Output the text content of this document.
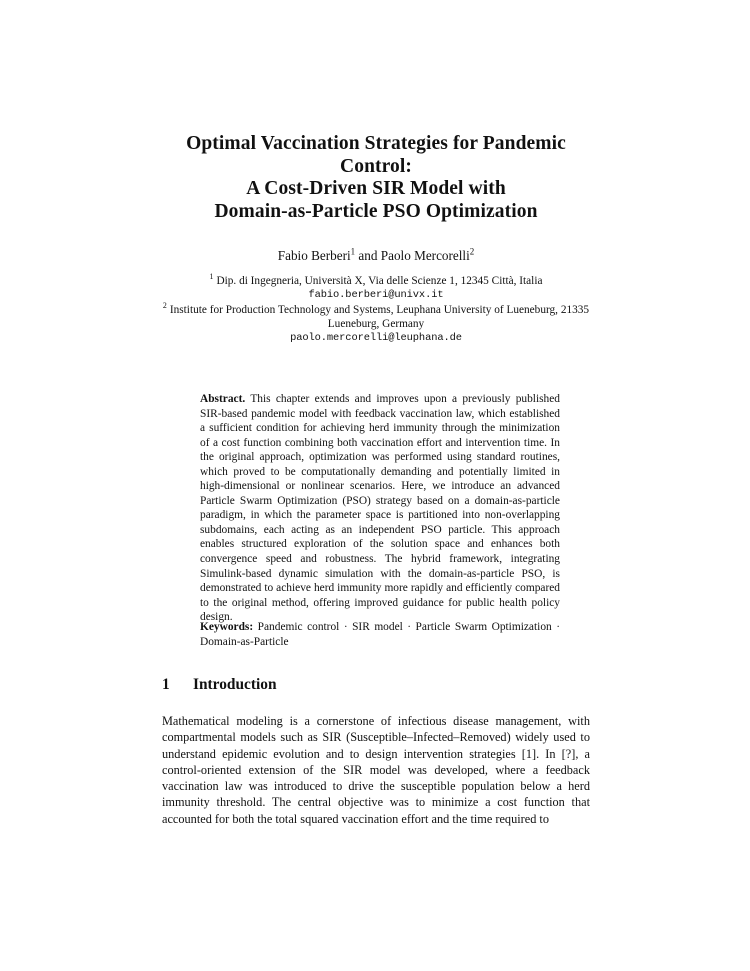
Optimal Vaccination Strategies for Pandemic
Control:
A Cost-Driven SIR Model with
Domain-as-Particle PSO Optimization
Fabio Berberi$^1$ and Paolo Mercorelli$^2$
$^1$ Dip. di Ingegneria, Università X, Via delle Scienze 1, 12345 Città, Italia
fabio.berberi@univx.it
$^2$ Institute for Production Technology and Systems, Leuphana University of Lueneburg, 21335 Lueneburg, Germany
paolo.mercorelli@leuphana.de
Abstract. This chapter extends and improves upon a previously published SIR-based pandemic model with feedback vaccination law, which established a sufficient condition for achieving herd immunity through the minimization of a cost function combining both vaccination effort and intervention time. In the original approach, optimization was performed using standard routines, which proved to be computationally demanding and potentially limited in high-dimensional or nonlinear scenarios. Here, we introduce an advanced Particle Swarm Optimization (PSO) strategy based on a domain-as-particle paradigm, in which the parameter space is partitioned into non-overlapping subdomains, each acting as an independent PSO particle. This approach enables structured exploration of the solution space and enhances both convergence speed and robustness. The hybrid framework, integrating Simulink-based dynamic simulation with the domain-as-particle PSO, is demonstrated to achieve herd immunity more rapidly and efficiently compared to the original method, offering improved guidance for public health policy design.
Keywords: Pandemic control · SIR model · Particle Swarm Optimization · Domain-as-Particle
1 Introduction
Mathematical modeling is a cornerstone of infectious disease management, with compartmental models such as SIR (Susceptible–Infected–Removed) widely used to understand epidemic evolution and to design intervention strategies [1]. In [?], a control-oriented extension of the SIR model was developed, where a feedback vaccination law was introduced to drive the susceptible population below a herd immunity threshold. The central objective was to minimize a cost function that accounted for both the total squared vaccination effort and the time required to
